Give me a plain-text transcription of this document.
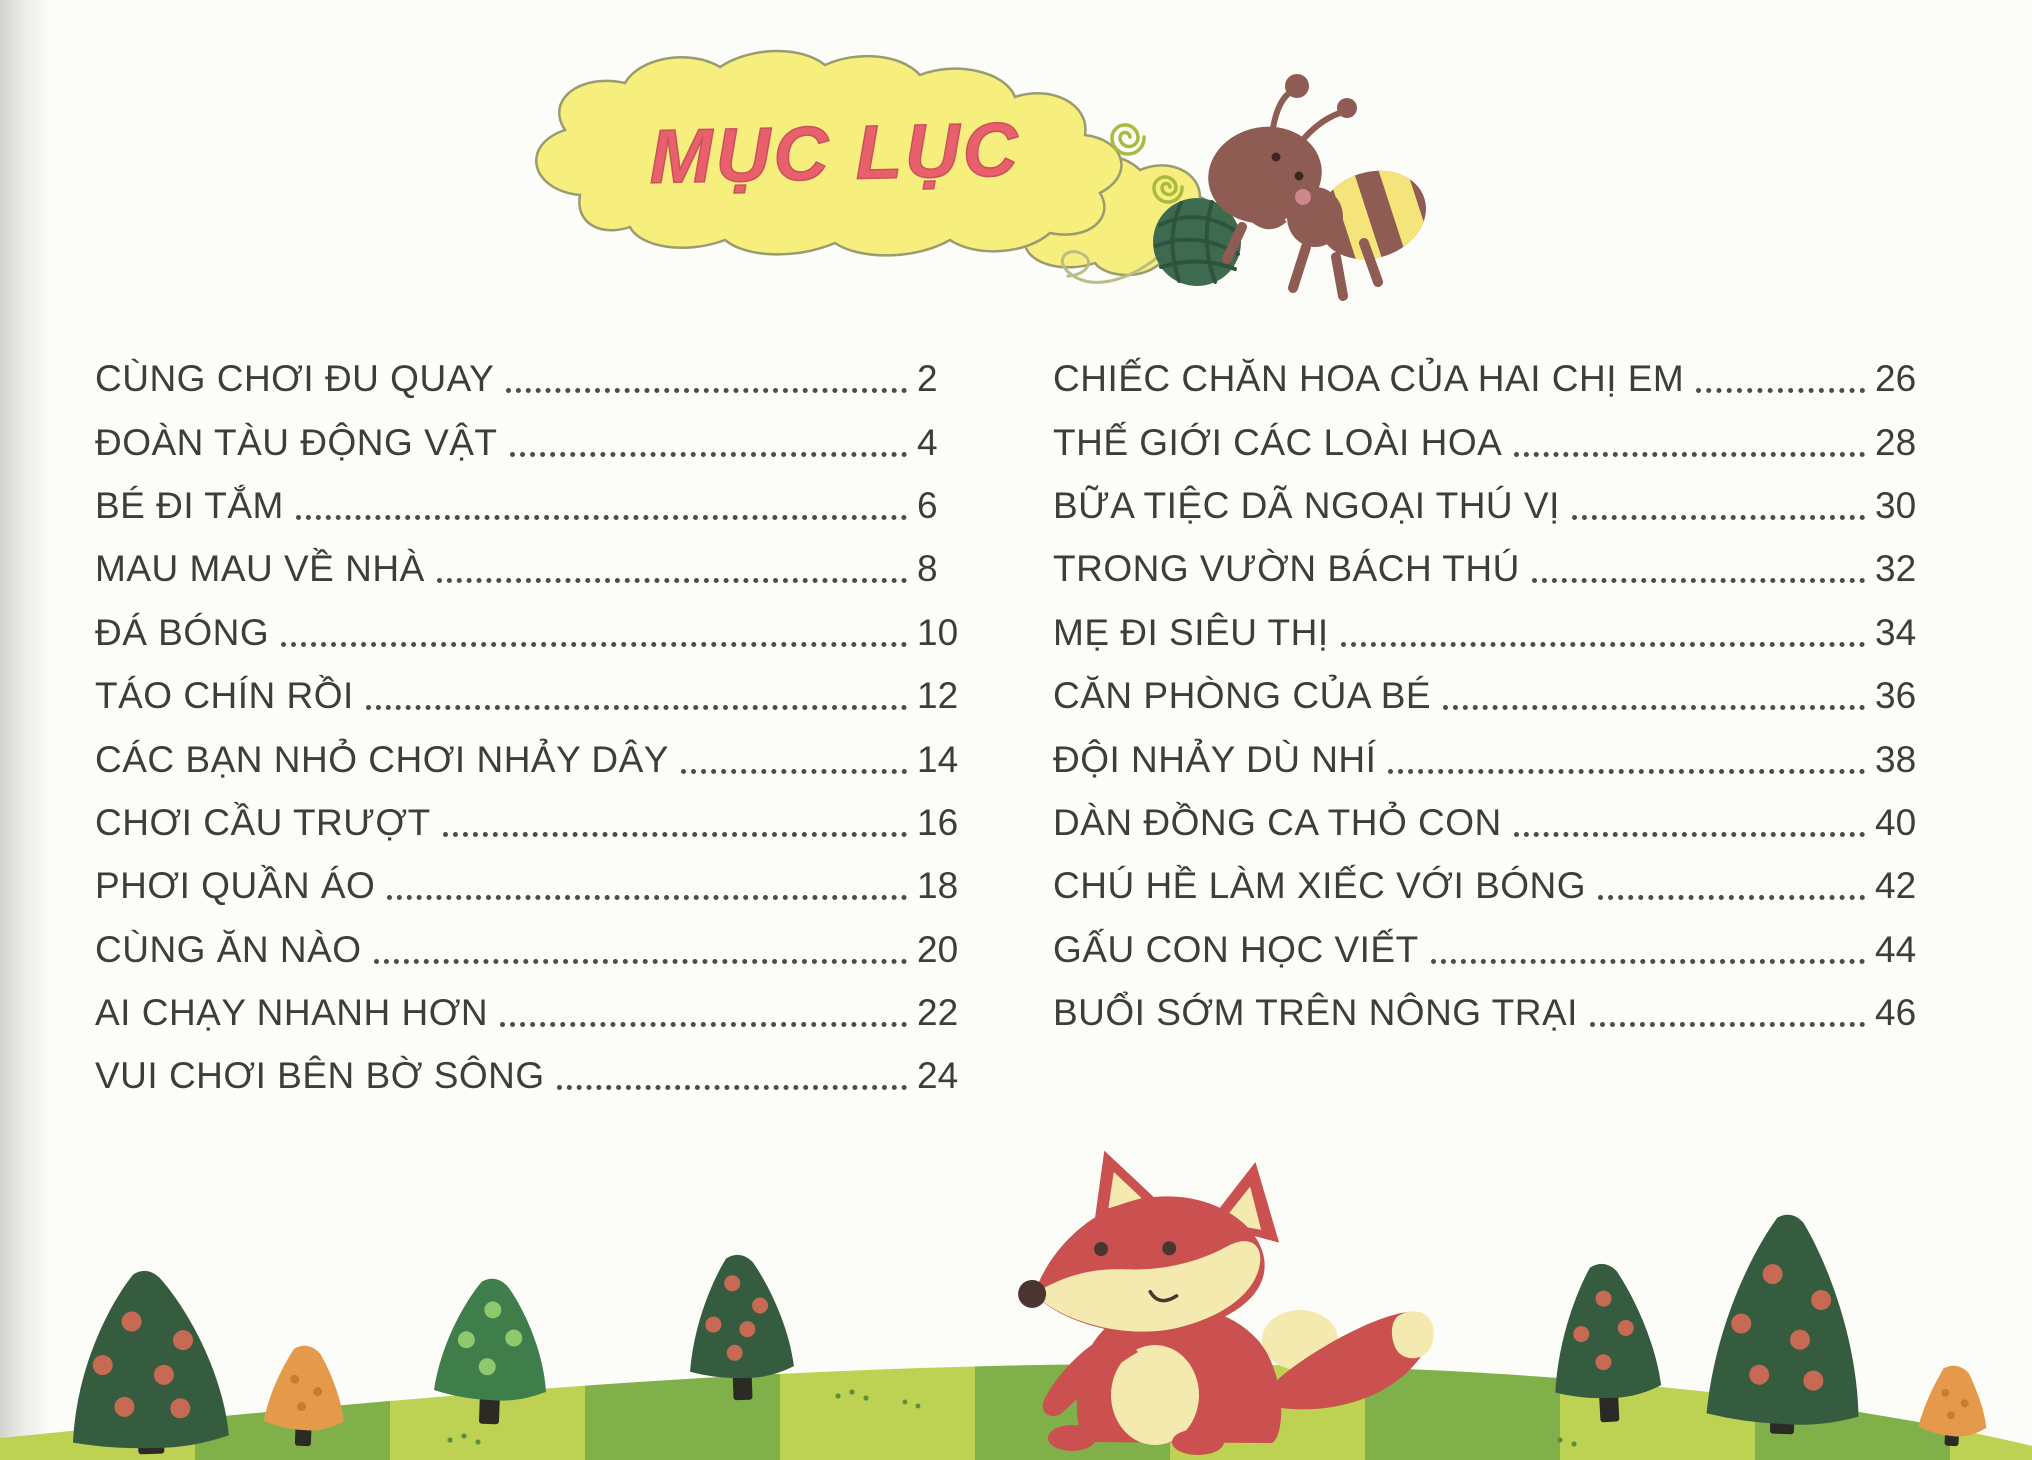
MỤC LỤC
CÙNG CHƠI ĐU QUAY	2
ĐOÀN TÀU ĐỘNG VẬT	4
BÉ ĐI TẮM	6
MAU MAU VỀ NHÀ	8
ĐÁ BÓNG	10
TÁO CHÍN RỒI	12
CÁC BẠN NHỎ CHƠI NHẢY DÂY	14
CHƠI CẦU TRƯỢT	16
PHƠI QUẦN ÁO	18
CÙNG ĂN NÀO	20
AI CHẠY NHANH HƠN	22
VUI CHƠI BÊN BỜ SÔNG	24
CHIẾC CHĂN HOA CỦA HAI CHỊ EM	26
THẾ GIỚI CÁC LOÀI HOA	28
BỮA TIỆC DÃ NGOẠI THÚ VỊ	30
TRONG VƯỜN BÁCH THÚ	32
MẸ ĐI SIÊU THỊ	34
CĂN PHÒNG CỦA BÉ	36
ĐỘI NHẢY DÙ NHÍ	38
DÀN ĐỒNG CA THỎ CON	40
CHÚ HỀ LÀM XIẾC VỚI BÓNG	42
GẤU CON HỌC VIẾT	44
BUỔI SỚM TRÊN NÔNG TRẠI	46
